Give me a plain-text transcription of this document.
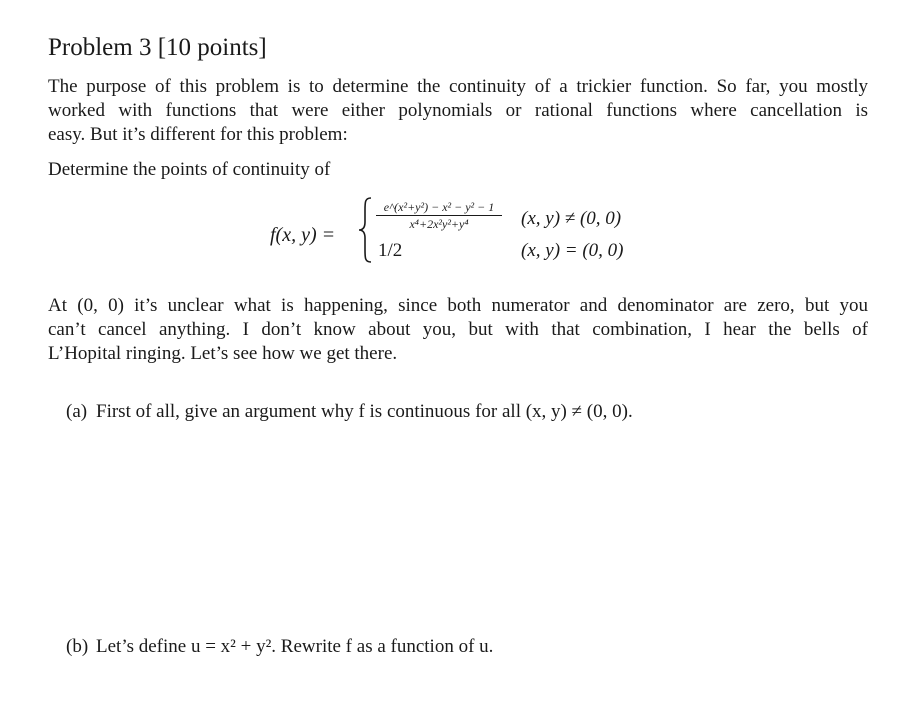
Problem 3 [10 points]
The purpose of this problem is to determine the continuity of a trickier function. So far, you mostly
worked with functions that were either polynomials or rational functions where cancellation is
easy. But it’s different for this problem:
Determine the points of continuity of
f(x, y) =
e^(x²+y²) − x² − y² − 1
x⁴+2x²y²+y⁴
1/2
(x, y) ≠ (0, 0)
(x, y) = (0, 0)
At (0, 0) it’s unclear what is happening, since both numerator and denominator are zero, but you
can’t cancel anything. I don’t know about you, but with that combination, I hear the bells of
L’Hopital ringing. Let’s see how we get there.
(a) First of all, give an argument why f is continuous for all (x, y) ≠ (0, 0).
(b) Let’s define u = x² + y². Rewrite f as a function of u.
